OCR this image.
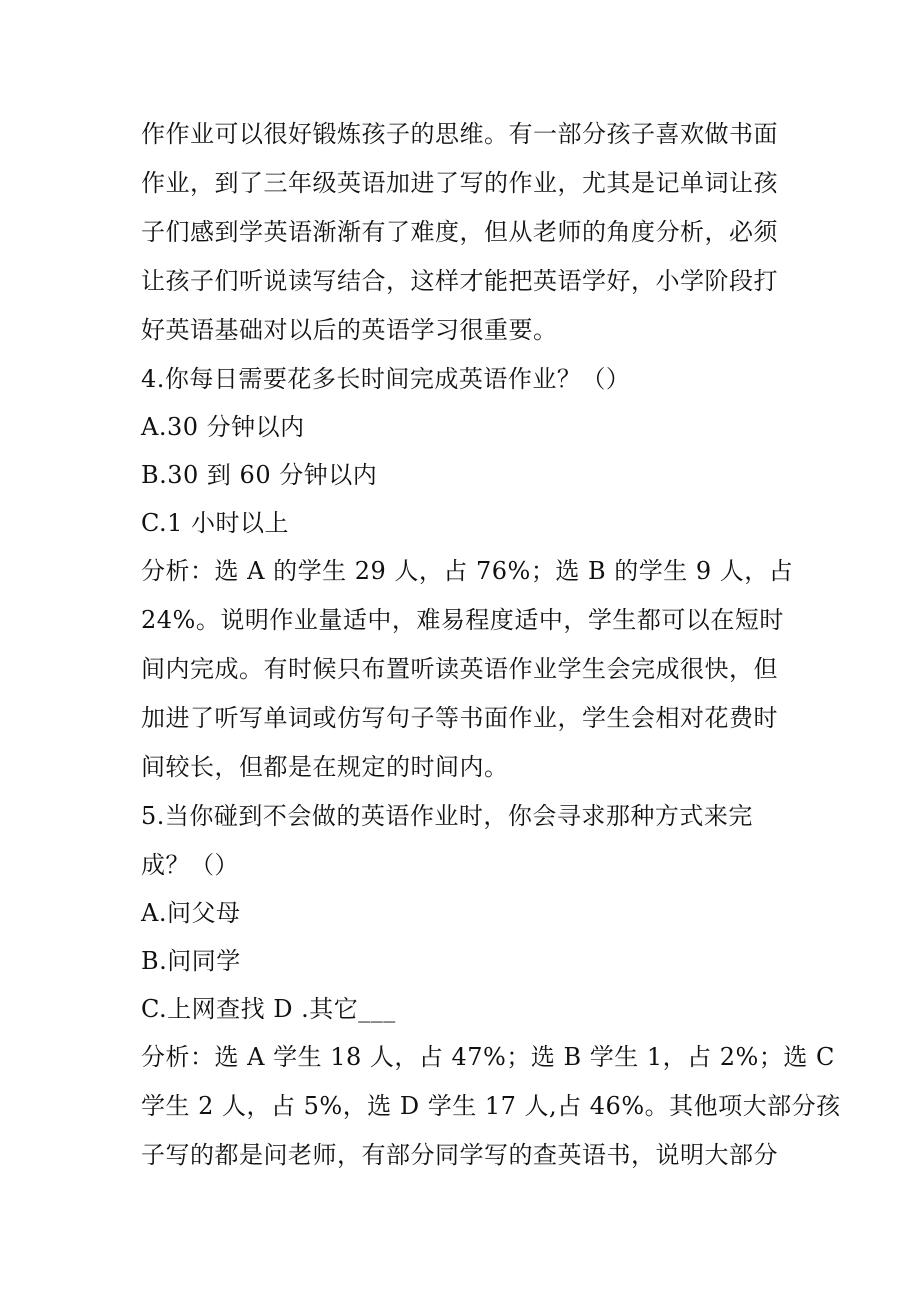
作作业可以很好锻炼孩子的思维。有一部分孩子喜欢做书面
作业，到了三年级英语加进了写的作业，尤其是记单词让孩
子们感到学英语渐渐有了难度，但从老师的角度分析，必须
让孩子们听说读写结合，这样才能把英语学好，小学阶段打
好英语基础对以后的英语学习很重要。
4.你每日需要花多长时间完成英语作业？（）
A.30 分钟以内
B.30 到 60 分钟以内
C.1 小时以上
分析：选 A 的学生 29 人，占 76%；选 B 的学生 9 人，占
24%。说明作业量适中，难易程度适中，学生都可以在短时
间内完成。有时候只布置听读英语作业学生会完成很快，但
加进了听写单词或仿写句子等书面作业，学生会相对花费时
间较长，但都是在规定的时间内。
5.当你碰到不会做的英语作业时，你会寻求那种方式来完
成？（）
A.问父母
B.问同学
C.上网查找 D .其它___
分析：选 A 学生 18 人，占 47%；选 B 学生 1，占 2%；选 C
学生 2 人，占 5%，选 D 学生 17 人,占 46%。其他项大部分孩
子写的都是问老师，有部分同学写的查英语书，说明大部分
